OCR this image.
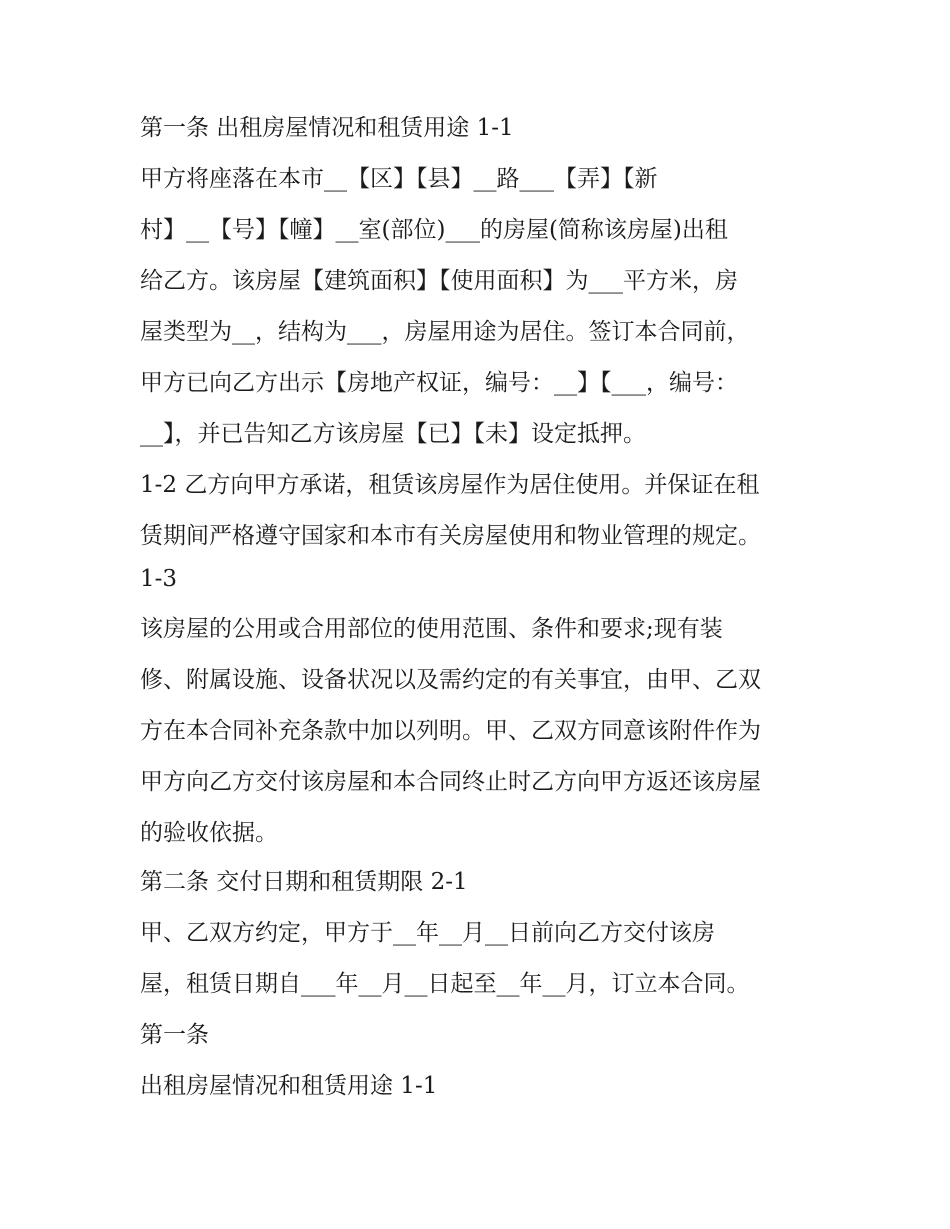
第一条 出租房屋情况和租赁用途 1-1
甲方将座落在本市__【区】【县】__路___【弄】【新
村】__【号】【幢】__室(部位)___的房屋(简称该房屋)出租
给乙方。该房屋【建筑面积】【使用面积】为___平方米，房
屋类型为__，结构为___，房屋用途为居住。签订本合同前，
甲方已向乙方出示【房地产权证，编号：__】【___，编号：
__】，并已告知乙方该房屋【已】【未】设定抵押。
1-2 乙方向甲方承诺，租赁该房屋作为居住使用。并保证在租
赁期间严格遵守国家和本市有关房屋使用和物业管理的规定。
1-3
该房屋的公用或合用部位的使用范围、条件和要求;现有装
修、附属设施、设备状况以及需约定的有关事宜，由甲、乙双
方在本合同补充条款中加以列明。甲、乙双方同意该附件作为
甲方向乙方交付该房屋和本合同终止时乙方向甲方返还该房屋
的验收依据。
第二条 交付日期和租赁期限 2-1
甲、乙双方约定，甲方于__年__月__日前向乙方交付该房
屋，租赁日期自___年__月__日起至__年__月，订立本合同。
第一条
出租房屋情况和租赁用途 1-1
